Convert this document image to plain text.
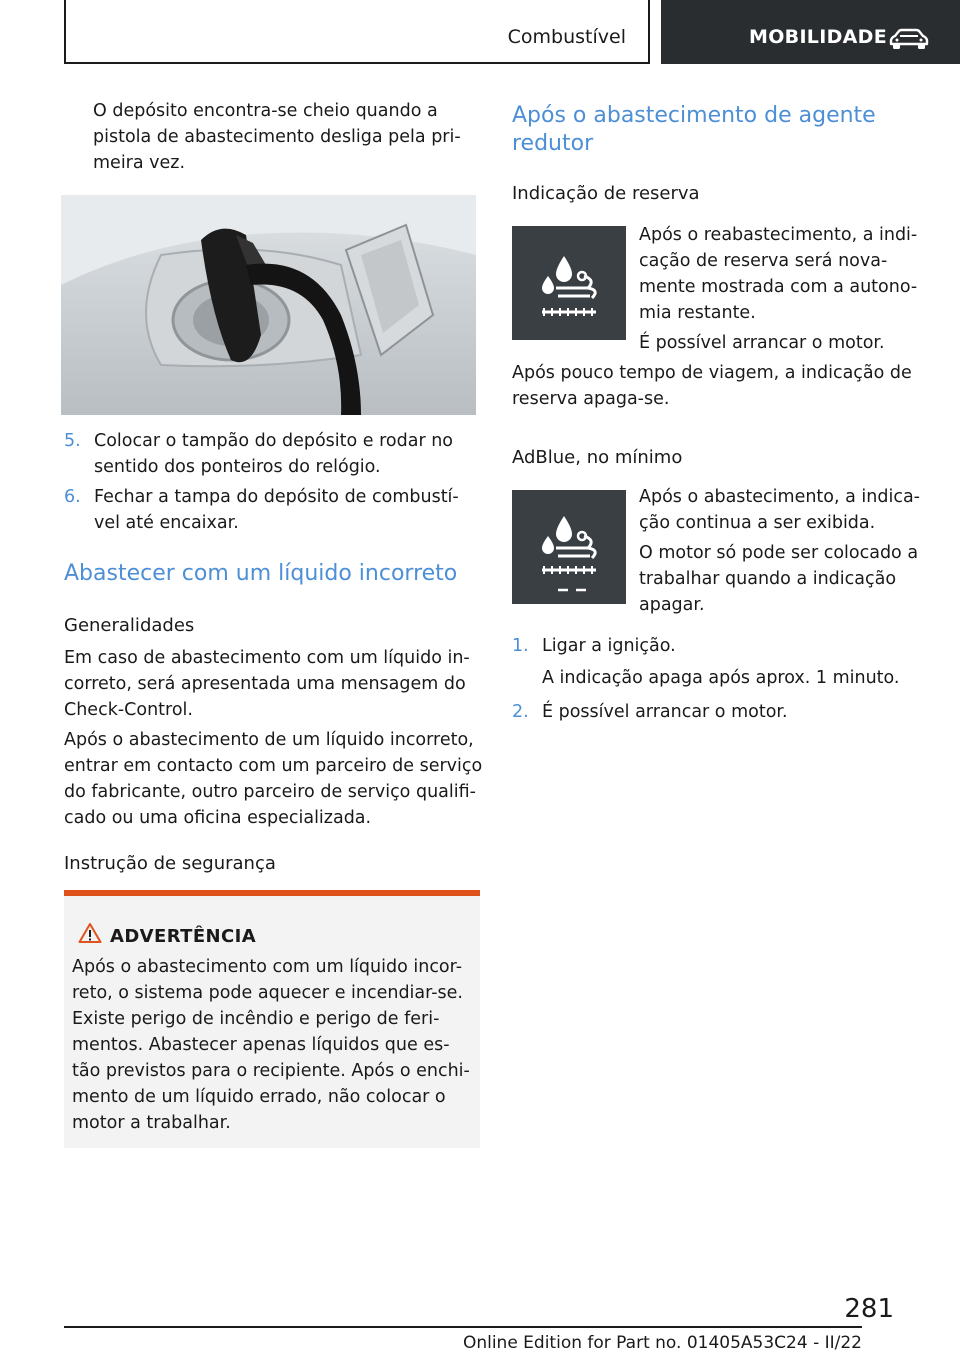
Combustível	MOBILIDADE
O depósito encontra-se cheio quando a
pistola de abastecimento desliga pela pri-
meira vez.
5. Colocar o tampão do depósito e rodar no
sentido dos ponteiros do relógio.
6. Fechar a tampa do depósito de combustí-
vel até encaixar.
Abastecer com um líquido incorreto
Generalidades
Em caso de abastecimento com um líquido in-
correto, será apresentada uma mensagem do
Check-Control.
Após o abastecimento de um líquido incorreto,
entrar em contacto com um parceiro de serviço
do fabricante, outro parceiro de serviço qualifi-
cado ou uma oficina especializada.
Instrução de segurança
ADVERTÊNCIA
Após o abastecimento com um líquido incor-
reto, o sistema pode aquecer e incendiar-se.
Existe perigo de incêndio e perigo de feri-
mentos. Abastecer apenas líquidos que es-
tão previstos para o recipiente. Após o enchi-
mento de um líquido errado, não colocar o
motor a trabalhar.
Após o abastecimento de agente
redutor
Indicação de reserva
Após o reabastecimento, a indi-
cação de reserva será nova-
mente mostrada com a autono-
mia restante.
É possível arrancar o motor.
Após pouco tempo de viagem, a indicação de
reserva apaga-se.
AdBlue, no mínimo
Após o abastecimento, a indica-
ção continua a ser exibida.
O motor só pode ser colocado a
trabalhar quando a indicação
apagar.
1. Ligar a ignição.
A indicação apaga após aprox. 1 minuto.
2. É possível arrancar o motor.
281
Online Edition for Part no. 01405A53C24 - II/22
